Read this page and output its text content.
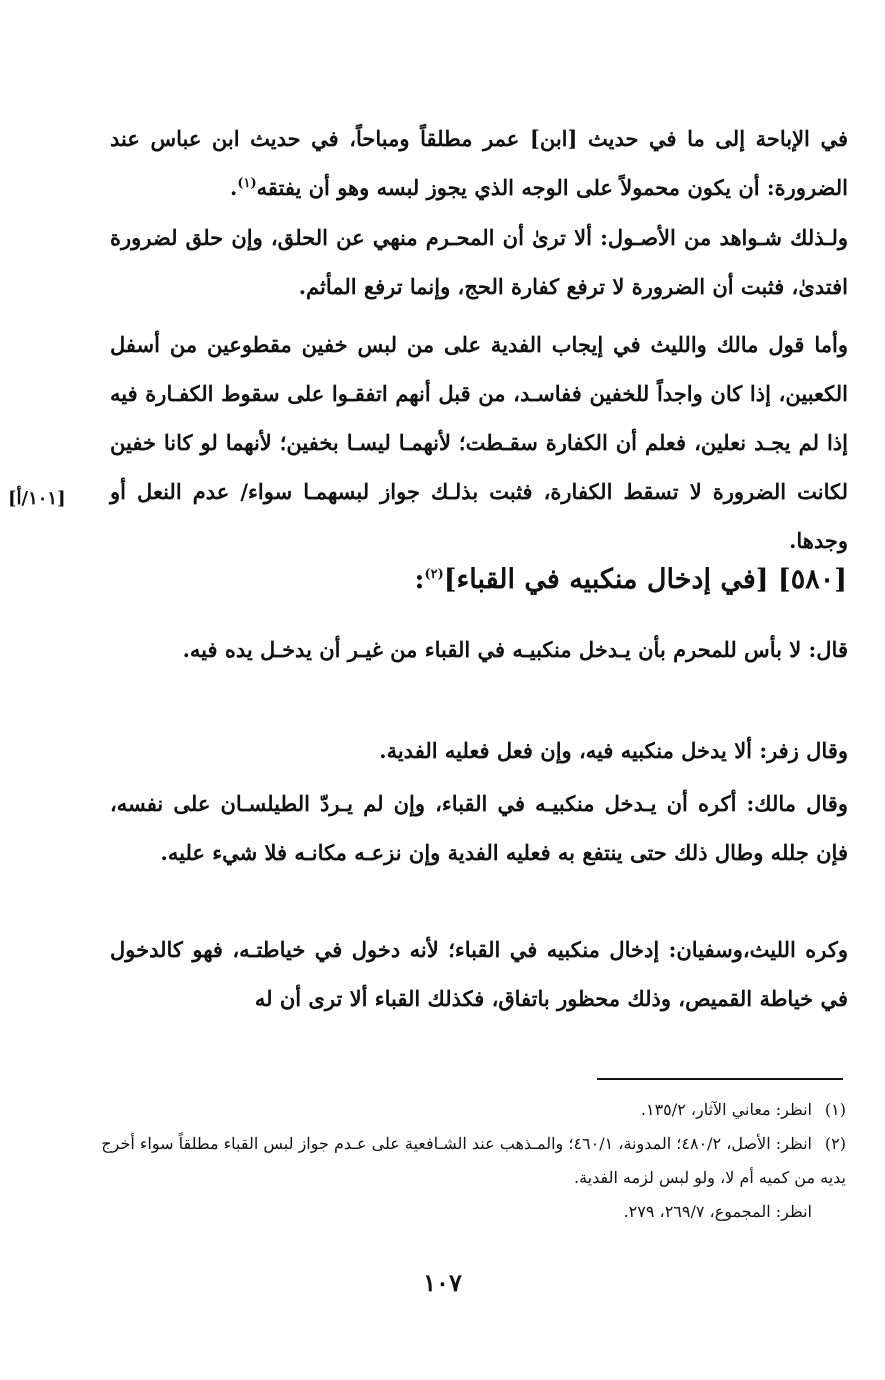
في الإباحة إلى ما في حديث [ابن] عمر مطلقاً ومباحاً، في حديث ابن عباس عند الضرورة: أن يكون محمولاً على الوجه الذي يجوز لبسه وهو أن يفتقه$^{(١)}$.

ولـذلك شـواهد من الأصـول: ألا ترىٰ أن المحـرم منهي عن الحلق، وإن حلق لضرورة افتدىٰ، فثبت أن الضرورة لا ترفع كفارة الحج، وإنما ترفع المأثم.

وأما قول مالك والليث في إيجاب الفدية على من لبس خفين مقطوعين من أسفل الكعبين، إذا كان واجداً للخفين ففاسـد، من قبل أنهم اتفقـوا على سقوط الكفـارة فيه إذا لم يجـد نعلين، فعلم أن الكفارة سقـطت؛ لأنهمـا ليسـا بخفين؛ لأنهما لو كانا خفين لكانت الضرورة لا تسقط الكفارة، فثبت بذلـك جواز لبسهمـا سواء/ عدم النعل أو وجدها.

[١٠١/أ]
[٥٨٠] [في إدخال منكبيه في القباء]$^{(٢)}$:

قال: لا بأس للمحرم بأن يـدخل منكبيـه في القباء من غيـر أن يدخـل يده فيه.

وقال زفر: ألا يدخل منكبيه فيه، وإن فعل فعليه الفدية.

وقال مالك: أكره أن يـدخل منكبيـه في القباء، وإن لم يـردّ الطيلسـان على نفسه، فإن جلله وطال ذلك حتى ينتفع به فعليه الفدية وإن نزعـه مكانـه فلا شيء عليه.

وكره الليث،وسفيان: إدخال منكبيه في القباء؛ لأنه دخول في خياطتـه، فهو كالدخول في خياطة القميص، وذلك محظور باتفاق، فكذلك القباء ألا ترى أن له

(١)انظر: معاني الآثار، ١٣٥/٢.

(٢)انظر: الأصل، ٤٨٠/٢؛ المدونة، ٤٦٠/١؛ والمـذهب عند الشـافعية على عـدم جواز لبس القباء مطلقاً سواء أخرج يديه من كميه أم لا، ولو لبس لزمه الفدية.

انظر: المجموع، ٢٦٩/٧، ٢٧٩.

١٠٧
